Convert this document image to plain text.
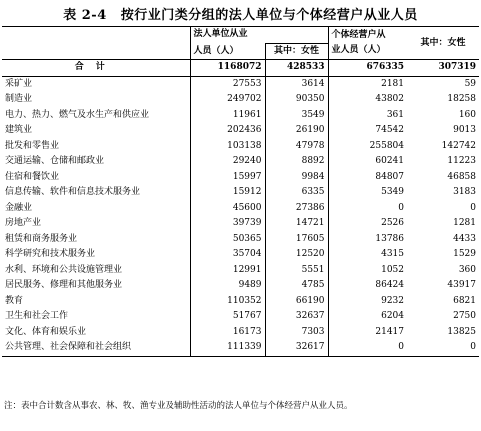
表 2-4 按行业门类分组的法人单位与个体经营户从业人员

	法人单位从业		个体经营户从
业人员（人）	其中：女性
	人员（人）	其中：女性		
合计	1168072	428533	676335	307319
采矿业	27553	3614	2181	59
制造业	249702	90350	43802	18258
电力、热力、燃气及水生产和供应业	11961	3549	361	160
建筑业	202436	26190	74542	9013
批发和零售业	103138	47978	255804	142742
交通运输、仓储和邮政业	29240	8892	60241	11223
住宿和餐饮业	15997	9984	84807	46858
信息传输、软件和信息技术服务业	15912	6335	5349	3183
金融业	45600	27386	0	0
房地产业	39739	14721	2526	1281
租赁和商务服务业	50365	17605	13786	4433
科学研究和技术服务业	35704	12520	4315	1529
水利、环境和公共设施管理业	12991	5551	1052	360
居民服务、修理和其他服务业	9489	4785	86424	43917
教育	110352	66190	9232	6821
卫生和社会工作	51767	32637	6204	2750
文化、体育和娱乐业	16173	7303	21417	13825
公共管理、社会保障和社会组织	111339	32617	0	0
注：表中合计数含从事农、林、牧、渔专业及辅助性活动的法人单位与个体经营户从业人员。
